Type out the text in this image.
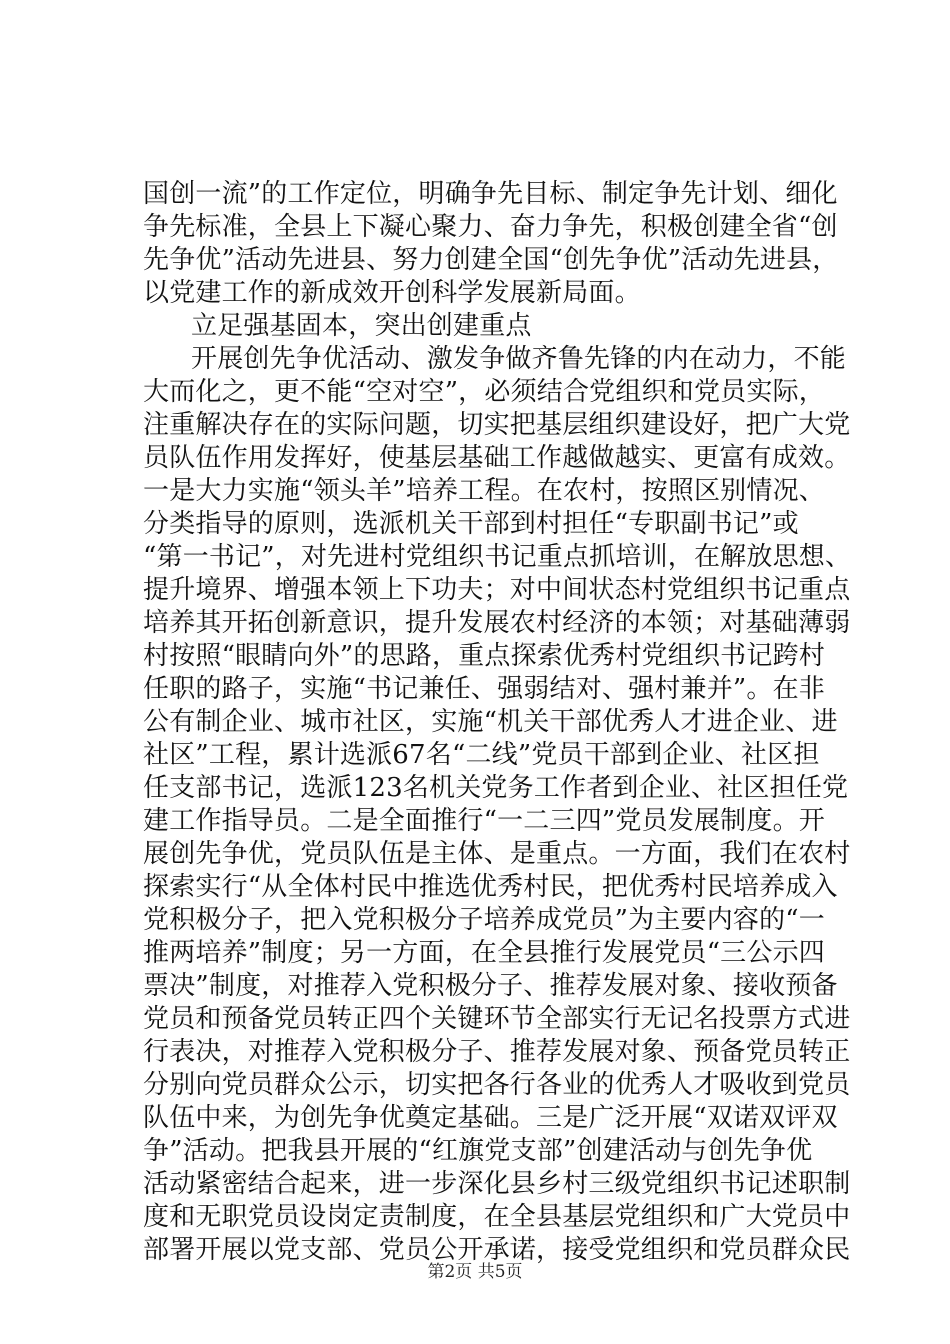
国创一流”的工作定位，明确争先目标、制定争先计划、细化
争先标准，全县上下凝心聚力、奋力争先，积极创建全省“创
先争优”活动先进县、努力创建全国“创先争优”活动先进县，
以党建工作的新成效开创科学发展新局面。
立足强基固本，突出创建重点
开展创先争优活动、激发争做齐鲁先锋的内在动力，不能
大而化之，更不能“空对空”，必须结合党组织和党员实际，
注重解决存在的实际问题，切实把基层组织建设好，把广大党
员队伍作用发挥好，使基层基础工作越做越实、更富有成效。
一是大力实施“领头羊”培养工程。在农村，按照区别情况、
分类指导的原则，选派机关干部到村担任“专职副书记”或
“第一书记”，对先进村党组织书记重点抓培训，在解放思想、
提升境界、增强本领上下功夫；对中间状态村党组织书记重点
培养其开拓创新意识，提升发展农村经济的本领；对基础薄弱
村按照“眼睛向外”的思路，重点探索优秀村党组织书记跨村
任职的路子，实施“书记兼任、强弱结对、强村兼并”。在非
公有制企业、城市社区，实施“机关干部优秀人才进企业、进
社区”工程，累计选派67名“二线”党员干部到企业、社区担
任支部书记，选派123名机关党务工作者到企业、社区担任党
建工作指导员。二是全面推行“一二三四”党员发展制度。开
展创先争优，党员队伍是主体、是重点。一方面，我们在农村
探索实行“从全体村民中推选优秀村民，把优秀村民培养成入
党积极分子，把入党积极分子培养成党员”为主要内容的“一
推两培养”制度；另一方面，在全县推行发展党员“三公示四
票决”制度，对推荐入党积极分子、推荐发展对象、接收预备
党员和预备党员转正四个关键环节全部实行无记名投票方式进
行表决，对推荐入党积极分子、推荐发展对象、预备党员转正
分别向党员群众公示，切实把各行各业的优秀人才吸收到党员
队伍中来，为创先争优奠定基础。三是广泛开展“双诺双评双
争”活动。把我县开展的“红旗党支部”创建活动与创先争优
活动紧密结合起来，进一步深化县乡村三级党组织书记述职制
度和无职党员设岗定责制度，在全县基层党组织和广大党员中
部署开展以党支部、党员公开承诺，接受党组织和党员群众民
第2页 共5页
